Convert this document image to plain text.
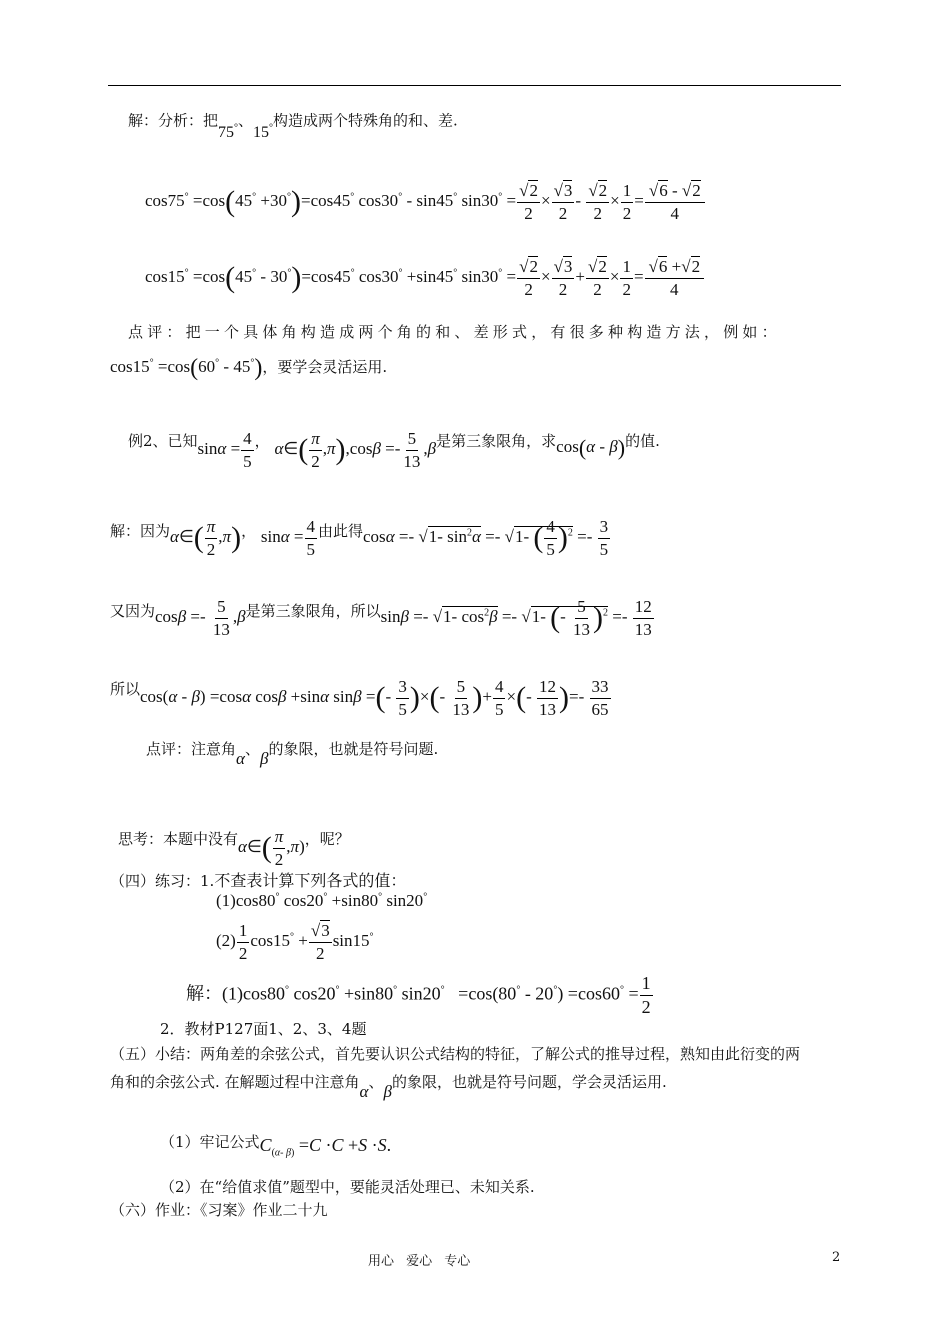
解：分析：把75°、15°构造成两个特殊角的和、差.
cos75° =cos(45° +30°)=cos45° cos30° - sin45° $\sin 30^\circ = \frac{√2}{2} \times \frac{√3}{2} - \frac{√2}{2} \times \frac{1}{2} = \frac{√6 - √2}{4}$
cos15° =cos(45° - 30°)=cos45° cos30° +sin45° $\sin 30^\circ = \frac{√2}{2} \times \frac{√3}{2} + \frac{√2}{2} \times \frac{1}{2} = \frac{√6 +√2}{4}$
点评：把一个具体角构造成两个角的和、差形式，有很多种构造方法，例如：
cos15° =cos(60° - 45°)，要学会灵活运用.
例2、已知$\sin\alpha = \frac{4}{5}$ ， α∈( $\frac{\pi}{2} ,\pi),\cos\beta =- \frac{5}{13} ,\beta$是第三象限角，求cos(α - β)的值.
解：因为α∈( $\frac{\pi}{2} ,\pi$)， $\sin\alpha = \frac{4}{5}$ 由此得cosα =- √1- $\sin^2\alpha =- √1-$ ( $\frac{4}{5} )^2 =- \frac{3}{5}$
又因为$\cos\beta =- \frac{5}{13} ,\beta$是第三象限角，所以sinβ =- √1- $\cos^2\beta =- √1-$ (- $\frac{5}{13} )^2 =- \frac{12}{13}$
所以cos(α - β) =cosα cosβ +sinα sinβ =(- $\frac{3}{5}$ )×(- $\frac{5}{13}$ )+ $\frac{4}{5}$ ×(- $\frac{12}{13}$ )=- $\frac{33}{65}$
点评：注意角α、β的象限，也就是符号问题.
思考：本题中没有α∈( $\frac{\pi}{2} ,\pi$)，呢？
（四）练习：1.不查表计算下列各式的值：
(1)cos80° cos20° +sin80° sin20°
$(2) \frac{1}{2} \cos 15^\circ + \frac{√3}{2} \sin 15^\circ$
解：(1)cos80° cos20° +sin80° $\sin 20^\circ =\cos(80^\circ - 20^\circ) =\cos 60^\circ = \frac{1}{2}$
2．教材P127面1、2、3、4题
（五）小结：两角差的余弦公式，首先要认识公式结构的特征，了解公式的推导过程，熟知由此衍变的两
角和的余弦公式. 在解题过程中注意角α、β的象限，也就是符号问题，学会灵活运用.
（1）牢记公式$C_{(\alpha- \beta)} =C \cdot C +S \cdot S$.
（2）在“给值求值”题型中，要能灵活处理已、未知关系.
（六）作业：《习案》作业二十九
用心 爱心 专心	2
